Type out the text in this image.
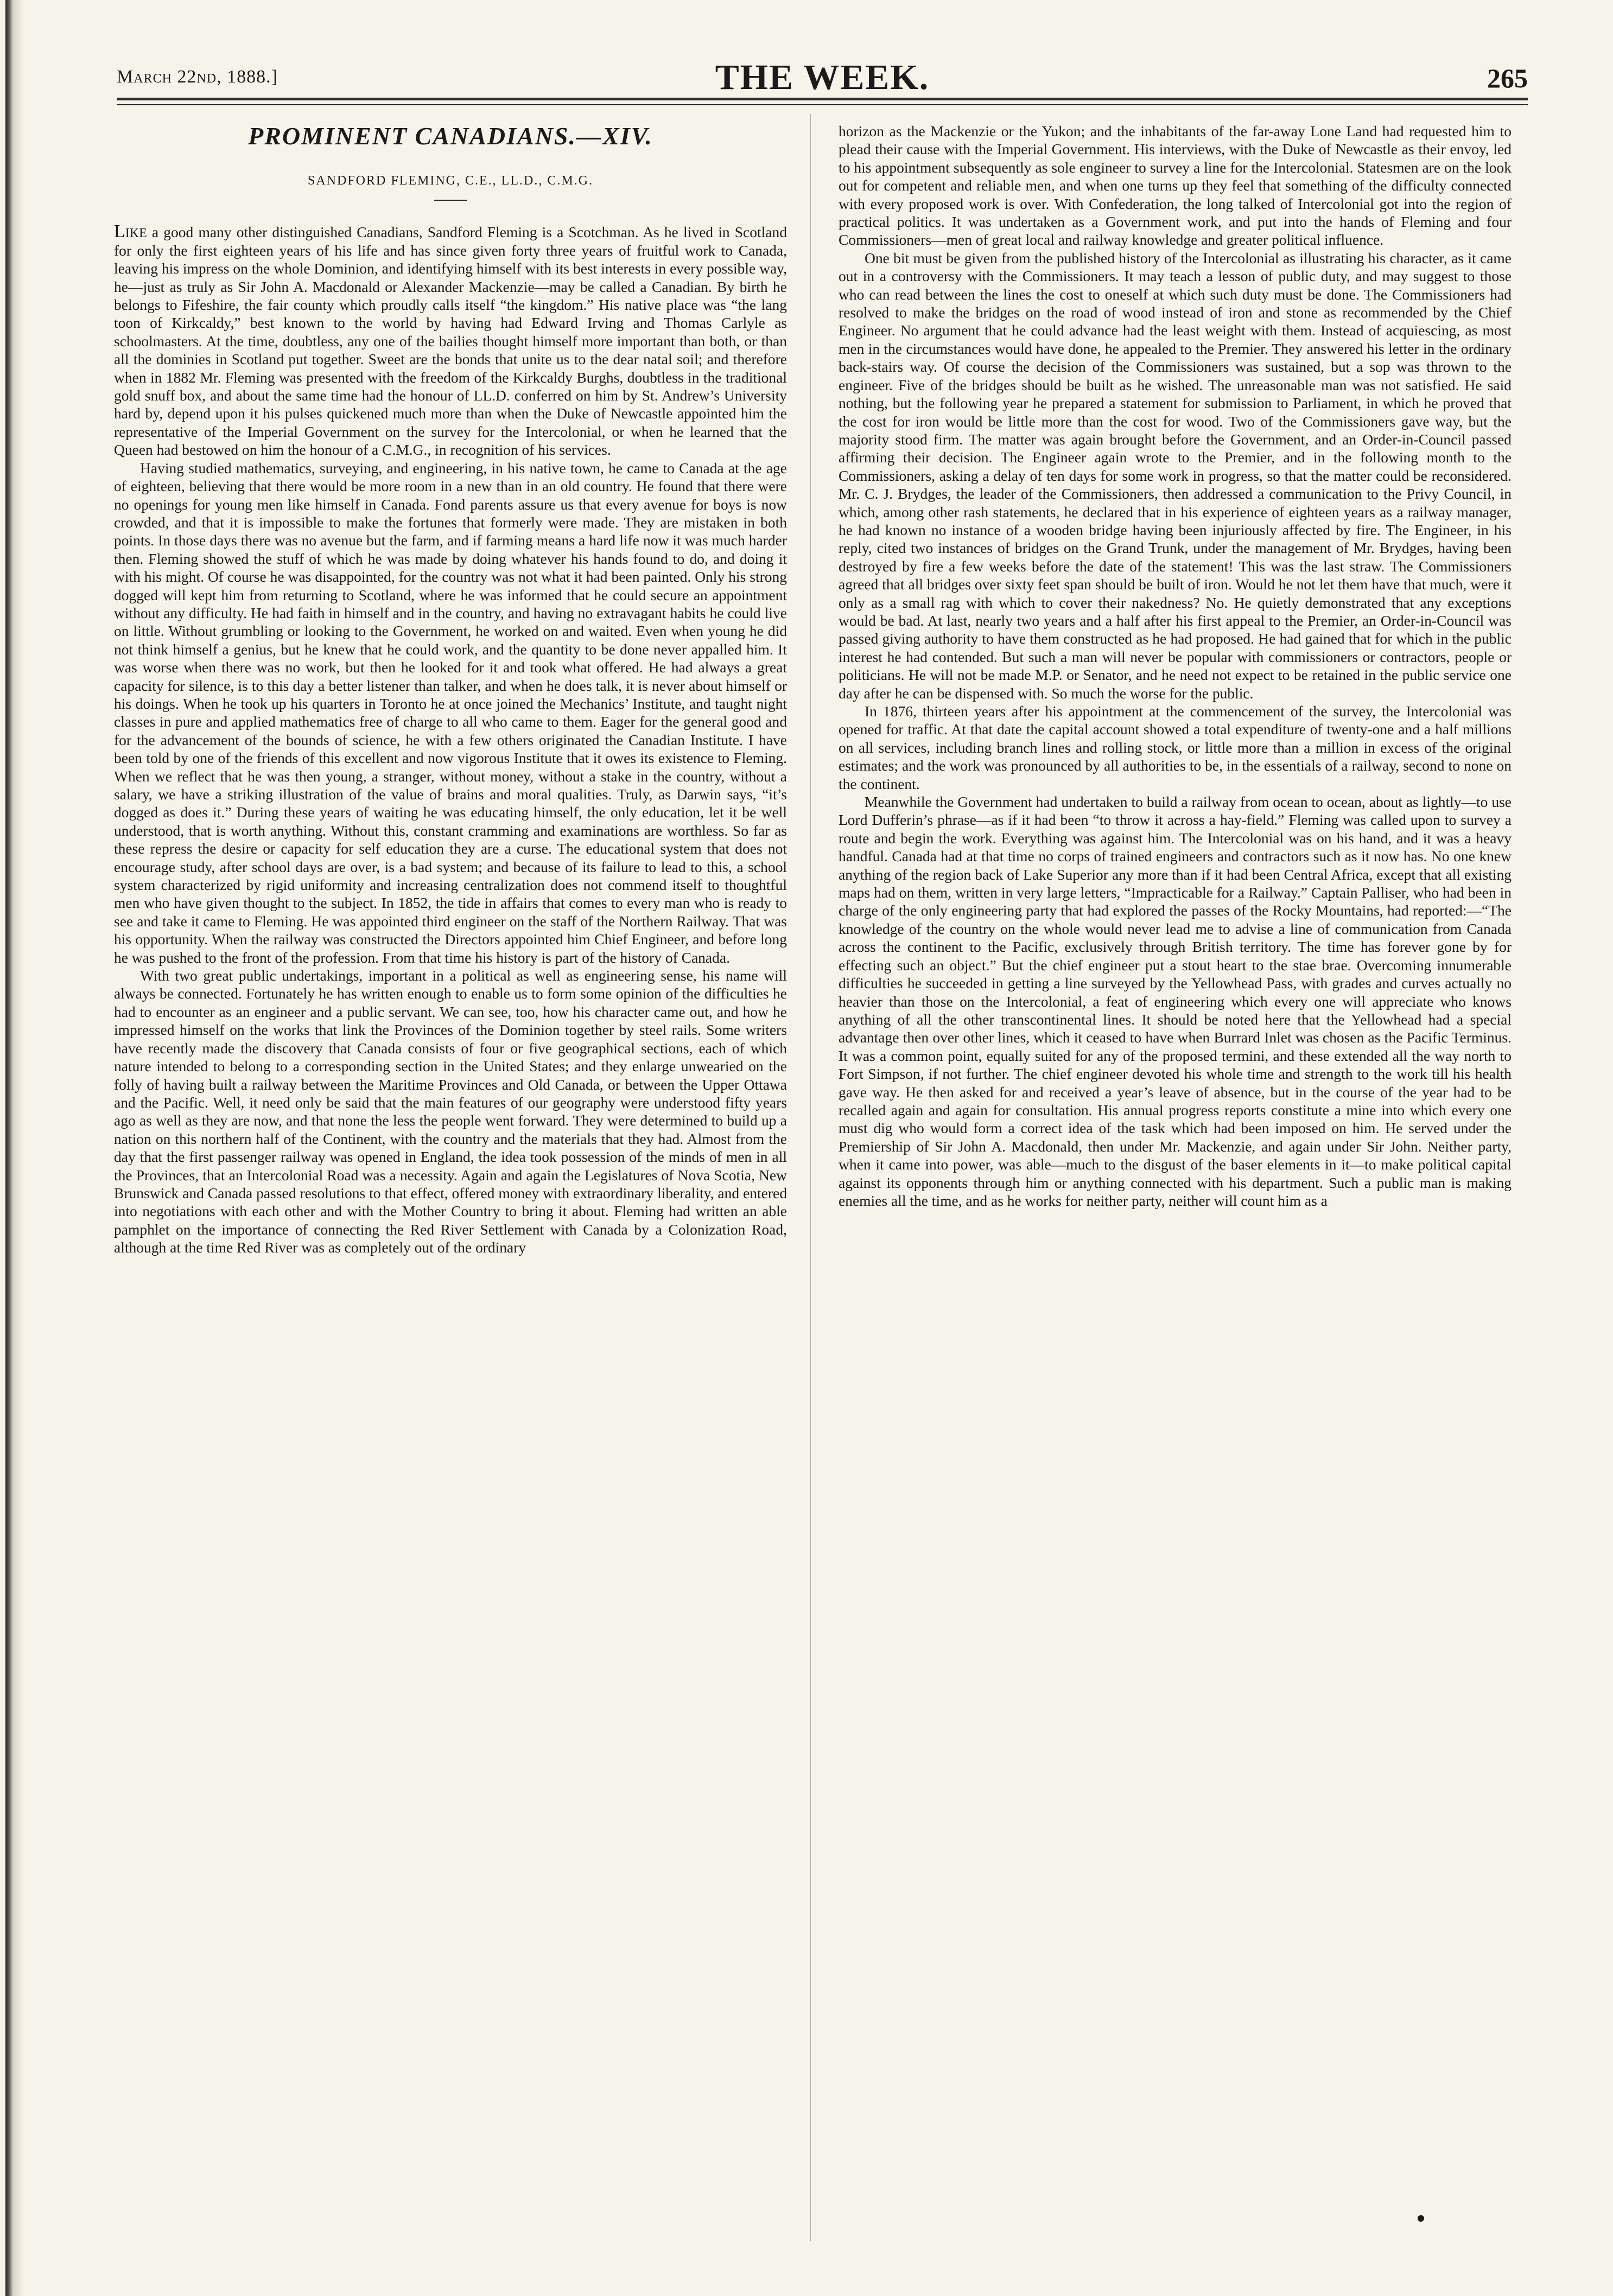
March 22nd, 1888.]	THE WEEK.	265
PROMINENT CANADIANS.—XIV.
SANDFORD FLEMING, C.E., LL.D., C.M.G.

Like a good many other distinguished Canadians, Sandford Fleming is a Scotchman. As he lived in Scotland for only the first eighteen years of his life and has since given forty three years of fruitful work to Canada, leaving his impress on the whole Dominion, and identifying himself with its best interests in every possible way, he—just as truly as Sir John A. Macdonald or Alexander Mackenzie—may be called a Canadian. By birth he belongs to Fifeshire, the fair county which proudly calls itself “the kingdom.” His native place was “the lang toon of Kirkcaldy,” best known to the world by having had Edward Irving and Thomas Carlyle as schoolmasters. At the time, doubtless, any one of the bailies thought himself more important than both, or than all the dominies in Scotland put together. Sweet are the bonds that unite us to the dear natal soil; and therefore when in 1882 Mr. Fleming was presented with the freedom of the Kirkcaldy Burghs, doubtless in the traditional gold snuff box, and about the same time had the honour of LL.D. conferred on him by St. Andrew’s University hard by, depend upon it his pulses quickened much more than when the Duke of Newcastle appointed him the representative of the Imperial Government on the survey for the Intercolonial, or when he learned that the Queen had bestowed on him the honour of a C.M.G., in recognition of his services.

Having studied mathematics, surveying, and engineering, in his native town, he came to Canada at the age of eighteen, believing that there would be more room in a new than in an old country. He found that there were no openings for young men like himself in Canada. Fond parents assure us that every avenue for boys is now crowded, and that it is impossible to make the fortunes that formerly were made. They are mistaken in both points. In those days there was no avenue but the farm, and if farming means a hard life now it was much harder then. Fleming showed the stuff of which he was made by doing whatever his hands found to do, and doing it with his might. Of course he was disappointed, for the country was not what it had been painted. Only his strong dogged will kept him from returning to Scotland, where he was informed that he could secure an appointment without any difficulty. He had faith in himself and in the country, and having no extravagant habits he could live on little. Without grumbling or looking to the Government, he worked on and waited. Even when young he did not think himself a genius, but he knew that he could work, and the quantity to be done never appalled him. It was worse when there was no work, but then he looked for it and took what offered. He had always a great capacity for silence, is to this day a better listener than talker, and when he does talk, it is never about himself or his doings. When he took up his quarters in Toronto he at once joined the Mechanics’ Institute, and taught night classes in pure and applied mathematics free of charge to all who came to them. Eager for the general good and for the advancement of the bounds of science, he with a few others originated the Canadian Institute. I have been told by one of the friends of this excellent and now vigorous Institute that it owes its existence to Fleming. When we reflect that he was then young, a stranger, without money, without a stake in the country, without a salary, we have a striking illustration of the value of brains and moral qualities. Truly, as Darwin says, “it’s dogged as does it.” During these years of waiting he was educating himself, the only education, let it be well understood, that is worth anything. Without this, constant cramming and examinations are worthless. So far as these repress the desire or capacity for self education they are a curse. The educational system that does not encourage study, after school days are over, is a bad system; and because of its failure to lead to this, a school system characterized by rigid uniformity and increasing centralization does not commend itself to thoughtful men who have given thought to the subject. In 1852, the tide in affairs that comes to every man who is ready to see and take it came to Fleming. He was appointed third engineer on the staff of the Northern Railway. That was his opportunity. When the railway was constructed the Directors appointed him Chief Engineer, and before long he was pushed to the front of the profession. From that time his history is part of the history of Canada.

With two great public undertakings, important in a political as well as engineering sense, his name will always be connected. Fortunately he has written enough to enable us to form some opinion of the difficulties he had to encounter as an engineer and a public servant. We can see, too, how his character came out, and how he impressed himself on the works that link the Provinces of the Dominion together by steel rails. Some writers have recently made the discovery that Canada consists of four or five geographical sections, each of which nature intended to belong to a corresponding section in the United States; and they enlarge unwearied on the folly of having built a railway between the Maritime Provinces and Old Canada, or between the Upper Ottawa and the Pacific. Well, it need only be said that the main features of our geography were understood fifty years ago as well as they are now, and that none the less the people went forward. They were determined to build up a nation on this northern half of the Continent, with the country and the materials that they had. Almost from the day that the first passenger railway was opened in England, the idea took possession of the minds of men in all the Provinces, that an Intercolonial Road was a necessity. Again and again the Legislatures of Nova Scotia, New Brunswick and Canada passed resolutions to that effect, offered money with extraordinary liberality, and entered into negotiations with each other and with the Mother Country to bring it about. Fleming had written an able pamphlet on the importance of connecting the Red River Settlement with Canada by a Colonization Road, although at the time Red River was as completely out of the ordinary

horizon as the Mackenzie or the Yukon; and the inhabitants of the far-away Lone Land had requested him to plead their cause with the Imperial Government. His interviews, with the Duke of Newcastle as their envoy, led to his appointment subsequently as sole engineer to survey a line for the Intercolonial. Statesmen are on the look out for competent and reliable men, and when one turns up they feel that something of the difficulty connected with every proposed work is over. With Confederation, the long talked of Intercolonial got into the region of practical politics. It was undertaken as a Government work, and put into the hands of Fleming and four Commissioners—men of great local and railway knowledge and greater political influence.

One bit must be given from the published history of the Intercolonial as illustrating his character, as it came out in a controversy with the Commissioners. It may teach a lesson of public duty, and may suggest to those who can read between the lines the cost to oneself at which such duty must be done. The Commissioners had resolved to make the bridges on the road of wood instead of iron and stone as recommended by the Chief Engineer. No argument that he could advance had the least weight with them. Instead of acquiescing, as most men in the circumstances would have done, he appealed to the Premier. They answered his letter in the ordinary back-stairs way. Of course the decision of the Commissioners was sustained, but a sop was thrown to the engineer. Five of the bridges should be built as he wished. The unreasonable man was not satisfied. He said nothing, but the following year he prepared a statement for submission to Parliament, in which he proved that the cost for iron would be little more than the cost for wood. Two of the Commissioners gave way, but the majority stood firm. The matter was again brought before the Government, and an Order-in-Council passed affirming their decision. The Engineer again wrote to the Premier, and in the following month to the Commissioners, asking a delay of ten days for some work in progress, so that the matter could be reconsidered. Mr. C. J. Brydges, the leader of the Commissioners, then addressed a communication to the Privy Council, in which, among other rash statements, he declared that in his experience of eighteen years as a railway manager, he had known no instance of a wooden bridge having been injuriously affected by fire. The Engineer, in his reply, cited two instances of bridges on the Grand Trunk, under the management of Mr. Brydges, having been destroyed by fire a few weeks before the date of the statement! This was the last straw. The Commissioners agreed that all bridges over sixty feet span should be built of iron. Would he not let them have that much, were it only as a small rag with which to cover their nakedness? No. He quietly demonstrated that any exceptions would be bad. At last, nearly two years and a half after his first appeal to the Premier, an Order-in-Council was passed giving authority to have them constructed as he had proposed. He had gained that for which in the public interest he had contended. But such a man will never be popular with commissioners or contractors, people or politicians. He will not be made M.P. or Senator, and he need not expect to be retained in the public service one day after he can be dispensed with. So much the worse for the public.

In 1876, thirteen years after his appointment at the commencement of the survey, the Intercolonial was opened for traffic. At that date the capital account showed a total expenditure of twenty-one and a half millions on all services, including branch lines and rolling stock, or little more than a million in excess of the original estimates; and the work was pronounced by all authorities to be, in the essentials of a railway, second to none on the continent.

Meanwhile the Government had undertaken to build a railway from ocean to ocean, about as lightly—to use Lord Dufferin’s phrase—as if it had been “to throw it across a hay-field.” Fleming was called upon to survey a route and begin the work. Everything was against him. The Intercolonial was on his hand, and it was a heavy handful. Canada had at that time no corps of trained engineers and contractors such as it now has. No one knew anything of the region back of Lake Superior any more than if it had been Central Africa, except that all existing maps had on them, written in very large letters, “Impracticable for a Railway.” Captain Palliser, who had been in charge of the only engineering party that had explored the passes of the Rocky Mountains, had reported:—“The knowledge of the country on the whole would never lead me to advise a line of communication from Canada across the continent to the Pacific, exclusively through British territory. The time has forever gone by for effecting such an object.” But the chief engineer put a stout heart to the stae brae. Overcoming innumerable difficulties he succeeded in getting a line surveyed by the Yellowhead Pass, with grades and curves actually no heavier than those on the Intercolonial, a feat of engineering which every one will appreciate who knows anything of all the other transcontinental lines. It should be noted here that the Yellowhead had a special advantage then over other lines, which it ceased to have when Burrard Inlet was chosen as the Pacific Terminus. It was a common point, equally suited for any of the proposed termini, and these extended all the way north to Fort Simpson, if not further. The chief engineer devoted his whole time and strength to the work till his health gave way. He then asked for and received a year’s leave of absence, but in the course of the year had to be recalled again and again for consultation. His annual progress reports constitute a mine into which every one must dig who would form a correct idea of the task which had been imposed on him. He served under the Premiership of Sir John A. Macdonald, then under Mr. Mackenzie, and again under Sir John. Neither party, when it came into power, was able—much to the disgust of the baser elements in it—to make political capital against its opponents through him or anything connected with his department. Such a public man is making enemies all the time, and as he works for neither party, neither will count him as a
